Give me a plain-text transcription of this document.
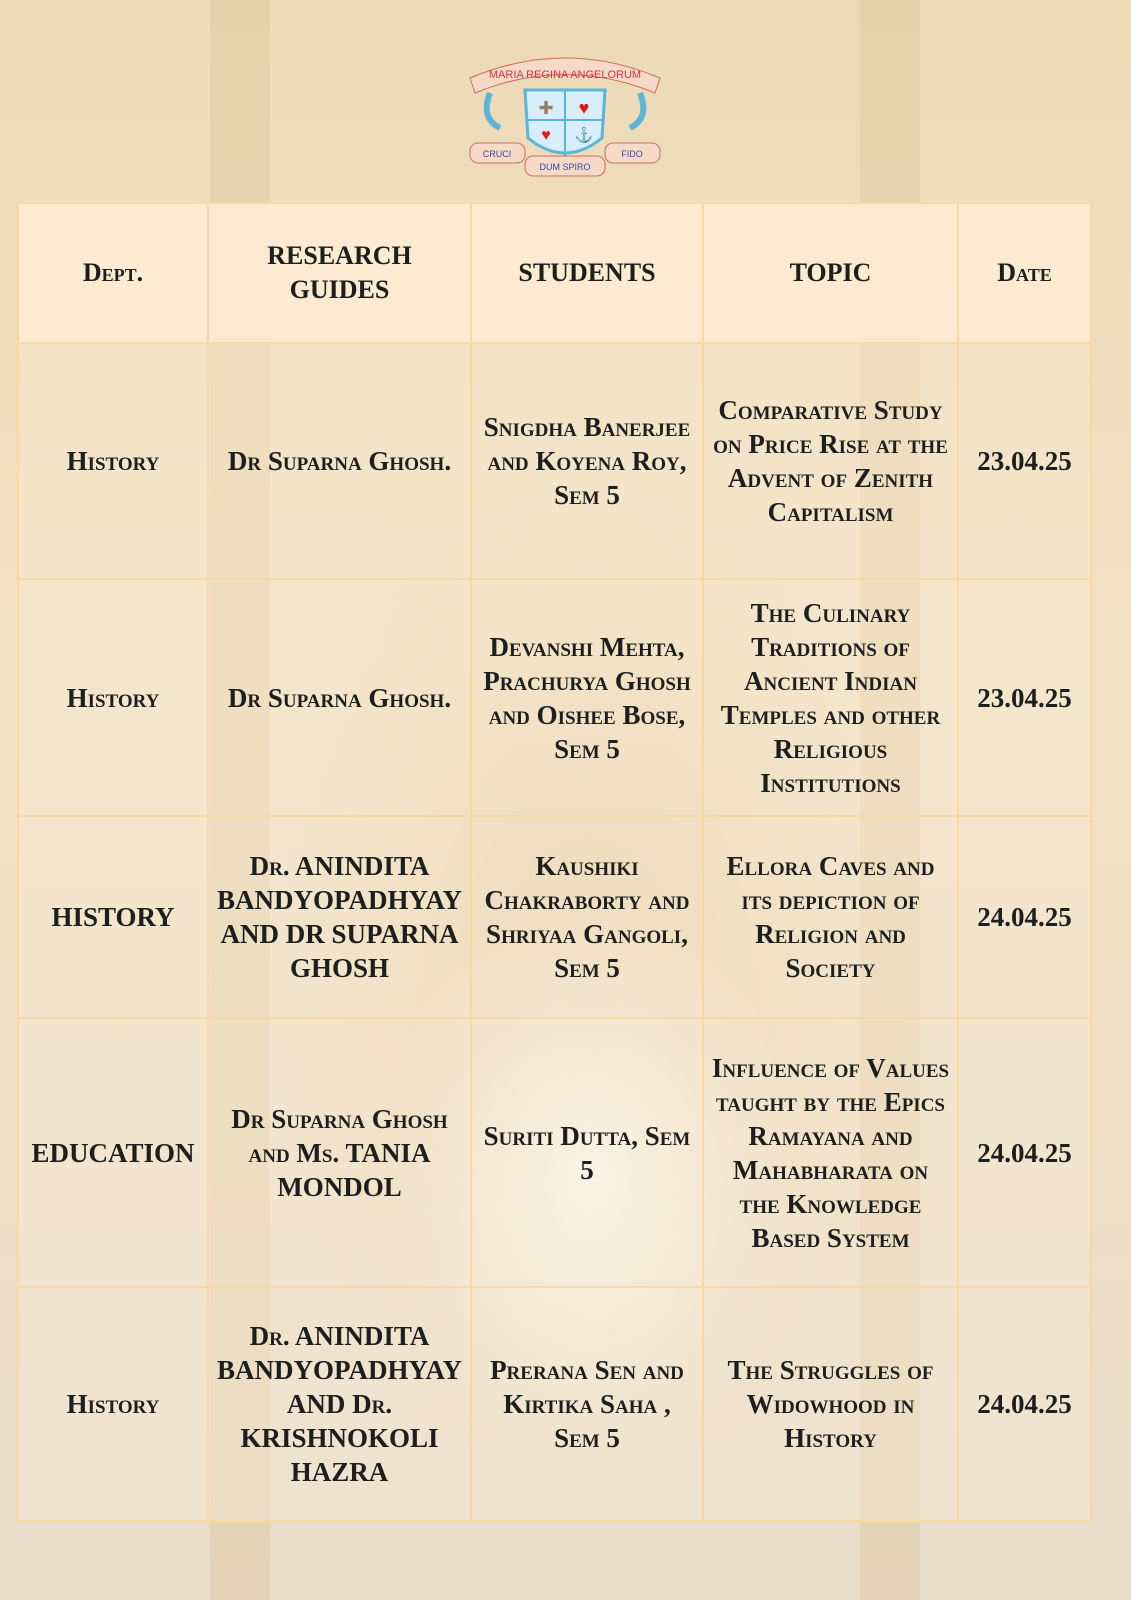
MARIA REGINA ANGELORUM
✚ ♥
♥ ⚓
CRUCI	FIDO
DUM SPIRO
Dept.	RESEARCH GUIDES	STUDENTS	TOPIC	Date
History	Dr Suparna Ghosh.	Snigdha Banerjee and Koyena Roy, Sem 5	Comparative Study on Price Rise at the Advent of Zenith Capitalism	23.04.25
History	Dr Suparna Ghosh.	Devanshi Mehta, Prachurya Ghosh and Oishee Bose, Sem 5	The Culinary Traditions of Ancient Indian Temples and other Religious Institutions	23.04.25
HISTORY	Dr. ANINDITA BANDYOPADHYAY AND DR SUPARNA GHOSH	Kaushiki Chakraborty and Shriyaa Gangoli, Sem 5	Ellora Caves and its depiction of Religion and Society	24.04.25
EDUCATION	Dr Suparna Ghosh and Ms. TANIA MONDOL	Suriti Dutta, Sem 5	Influence of Values taught by the Epics Ramayana and Mahabharata on the Knowledge Based System	24.04.25
History	Dr. ANINDITA BANDYOPADHYAY AND Dr. KRISHNOKOLI HAZRA	Prerana Sen and Kirtika Saha , Sem 5	The Struggles of Widowhood in History	24.04.25
